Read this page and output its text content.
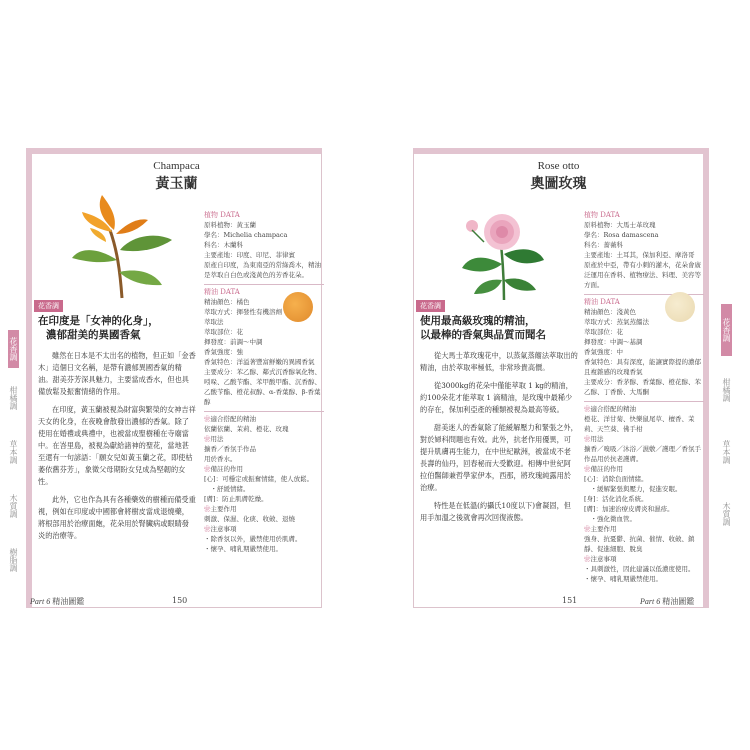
Champaca
黃玉蘭
植物 DATA
原料植物：黃玉蘭
學名：Michelia champaca
科名：木蘭科
主要產地：印度、印尼、菲律賓
原產自印度，為東南亞的常綠喬木，精油是萃取自白色或淺黃色的芳香花朵。
精油 DATA
精油顏色：橘色
萃取方式：揮發性有機溶劑萃取法
萃取部位：花
揮發度：前調～中調
香氣強度：強
香氣特色：洋溢著豐富鮮嫩的異國香氣
主要成分：苯乙醇、鄰式沉香醇氧化物、吲哚、乙酸苄酯、苯甲酸甲酯、沉香醇、乙酸苄酯、橙花叔醇、α-香葉醇、β-香葉醇
❀適合搭配的精油
依蘭依蘭、茉莉、橙花、玫瑰
❀用法
擴香／香氛手作品
用於香水。
❀備註的作用
[心]：可穩定或振奮情緒，使人放鬆。
　・舒緩情緒。
[膚]：防止肌膚乾燥。
❀主要作用
刺激、保濕、化痰、收斂、退燒
❀注意事項
・除香氛以外，嚴禁使用於肌膚。
・懷孕、哺乳期嚴禁使用。
花香調
在印度是「女神的化身」，
濃郁甜美的異國香氣

雖然在日本是不太出名的植物，但正如「金香木」這個日文名稱，是帶有濃郁異國香氣的精油。甜美芬芳深具魅力，主要當成香水，但也具備放鬆及振奮情緒的作用。

在印度，黃玉蘭被視為財富與繁榮的女神吉祥天女的化身，在夜晚會散發出濃郁的香氣。除了使用在婚禮或典禮中，也被當成聖樹種在寺廟當中。在峇里島，被視為獻給諸神的聖花，當地甚至還有一句諺語：「願女兒如黃玉蘭之花，即使枯萎依舊芬芳」，象徵父母期盼女兒成為堅韌的女性。

此外，它也作為具有各種藥效的樹種而備受重視，例如在印度或中國都會將樹皮當成退燒藥，將根部用於治療面皰，花朵用於腎臟病或眼睛發炎的治療等。

花香調
柑橘調
草本調
木質調
樹脂調
Part 6 精油圖鑑	150
Rose otto
奧圖玫瑰
植物 DATA
原料植物：大馬士革玫瑰
學名：Rosa damascena
科名：薔薇科
主要產地：土耳其，保加利亞、摩洛哥
原產於中亞，帶有小刺的灌木，花朵會廣泛運用在香料、植物療法、料理、美容等方面。
精油 DATA
精油顏色：淺黃色
萃取方式：蒸氣蒸餾法
萃取部位：花
揮發度：中調～基調
香氣強度：中
香氣特色：具有深度，能讓實際提的濃郁且複雜感的玫瑰香氣
主要成分：香茅醇、香葉醇、橙花醇、苯乙醇、丁香酚、大馬酮
❀適合搭配的精油
橙花、洋甘菊、快樂鼠尾草、檀香、茉莉、天竺葵、佛手柑
❀用法
擴香／嗅吸／沐浴／濕敷／護理／香氛手作品用於抗老護膚。
❀備註的作用
[心]：消除負面情緒。
　・緩解緊張與壓力，促進安眠。
[身]：活化消化系統。
[膚]：加速治療皮膚炎和濕疹。
　・強化微血管。
❀主要作用
強身、抗憂鬱、抗菌、催情、收斂、鎮靜、促進細胞、脫臭
❀注意事項
・具刺激性，因此建議以低濃度使用。
・懷孕、哺乳期嚴禁使用。
花香調
使用最高級玫瑰的精油，
以最棒的香氣與品質而聞名

從大馬士革玫瑰花中，以蒸氣蒸餾法萃取出的精油，由於萃取率極低，非常珍貴高價。

從3000kg的花朵中僅能萃取 1 kg的精油，約100朵花才能萃取 1 滴精油，是玫瑰中最稀少的存在，保加利亞產的種類被視為最高等級。

甜美迷人的香氣除了能緩解壓力和緊張之外，對於婦科問題也有效。此外，抗老作用優異，可提升肌膚再生能力，在中世紀歐洲，被當成不老長壽的仙丹，回春秘而大受歡迎。相傳中世紀阿拉伯醫師兼哲學家伊本，西那，將玫瑰純露用於治療。

特性是在低溫(約攝氏10度以下)會凝固，但用手加溫之後就會再次回復液態。

花香調
柑橘調
草本調
木質調
151	Part 6 精油圖鑑
